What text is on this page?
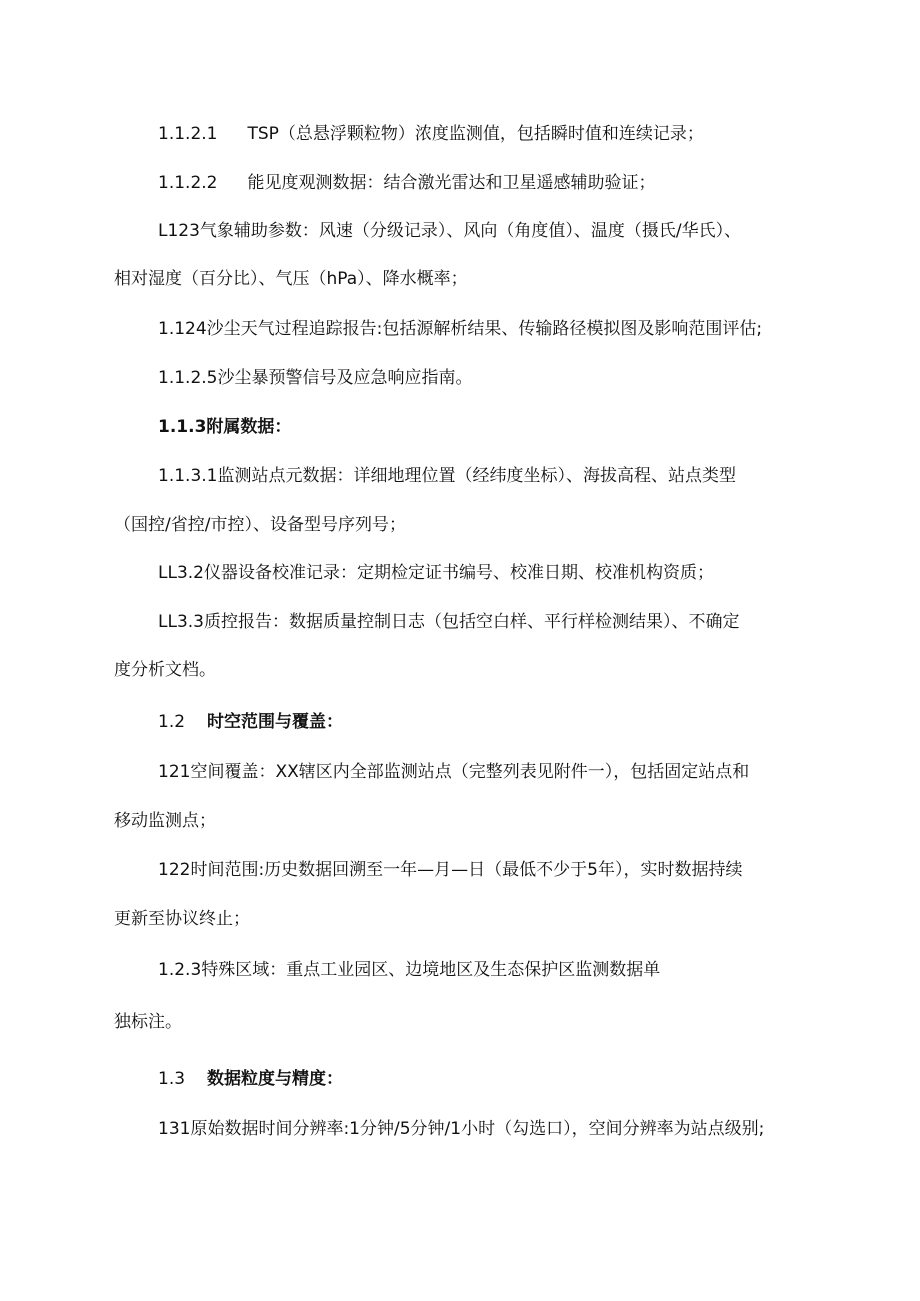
1.1.2.1 TSP（总悬浮颗粒物）浓度监测值，包括瞬时值和连续记录；
1.1.2.2 能见度观测数据：结合激光雷达和卫星遥感辅助验证；
L123气象辅助参数：风速（分级记录）、风向（角度值）、温度（摄氏/华氏）、
相对湿度（百分比）、气压（hPa）、降水概率；
1.124沙尘天气过程追踪报告:包括源解析结果、传输路径模拟图及影响范围评估;
1.1.2.5沙尘暴预警信号及应急响应指南。
1.1.3附属数据：
1.1.3.1监测站点元数据：详细地理位置（经纬度坐标）、海拔高程、站点类型
（国控/省控/市控）、设备型号序列号；
LL3.2仪器设备校准记录：定期检定证书编号、校准日期、校准机构资质；
LL3.3质控报告：数据质量控制日志（包括空白样、平行样检测结果）、不确定
度分析文档。
1.2 时空范围与覆盖：
121空间覆盖：XX辖区内全部监测站点（完整列表见附件一），包括固定站点和
移动监测点；
122时间范围:历史数据回溯至一年—月—日（最低不少于5年），实时数据持续
更新至协议终止；
1.2.3特殊区域：重点工业园区、边境地区及生态保护区监测数据单
独标注。
1.3 数据粒度与精度：
131原始数据时间分辨率:1分钟/5分钟/1小时（勾选口），空间分辨率为站点级别;
